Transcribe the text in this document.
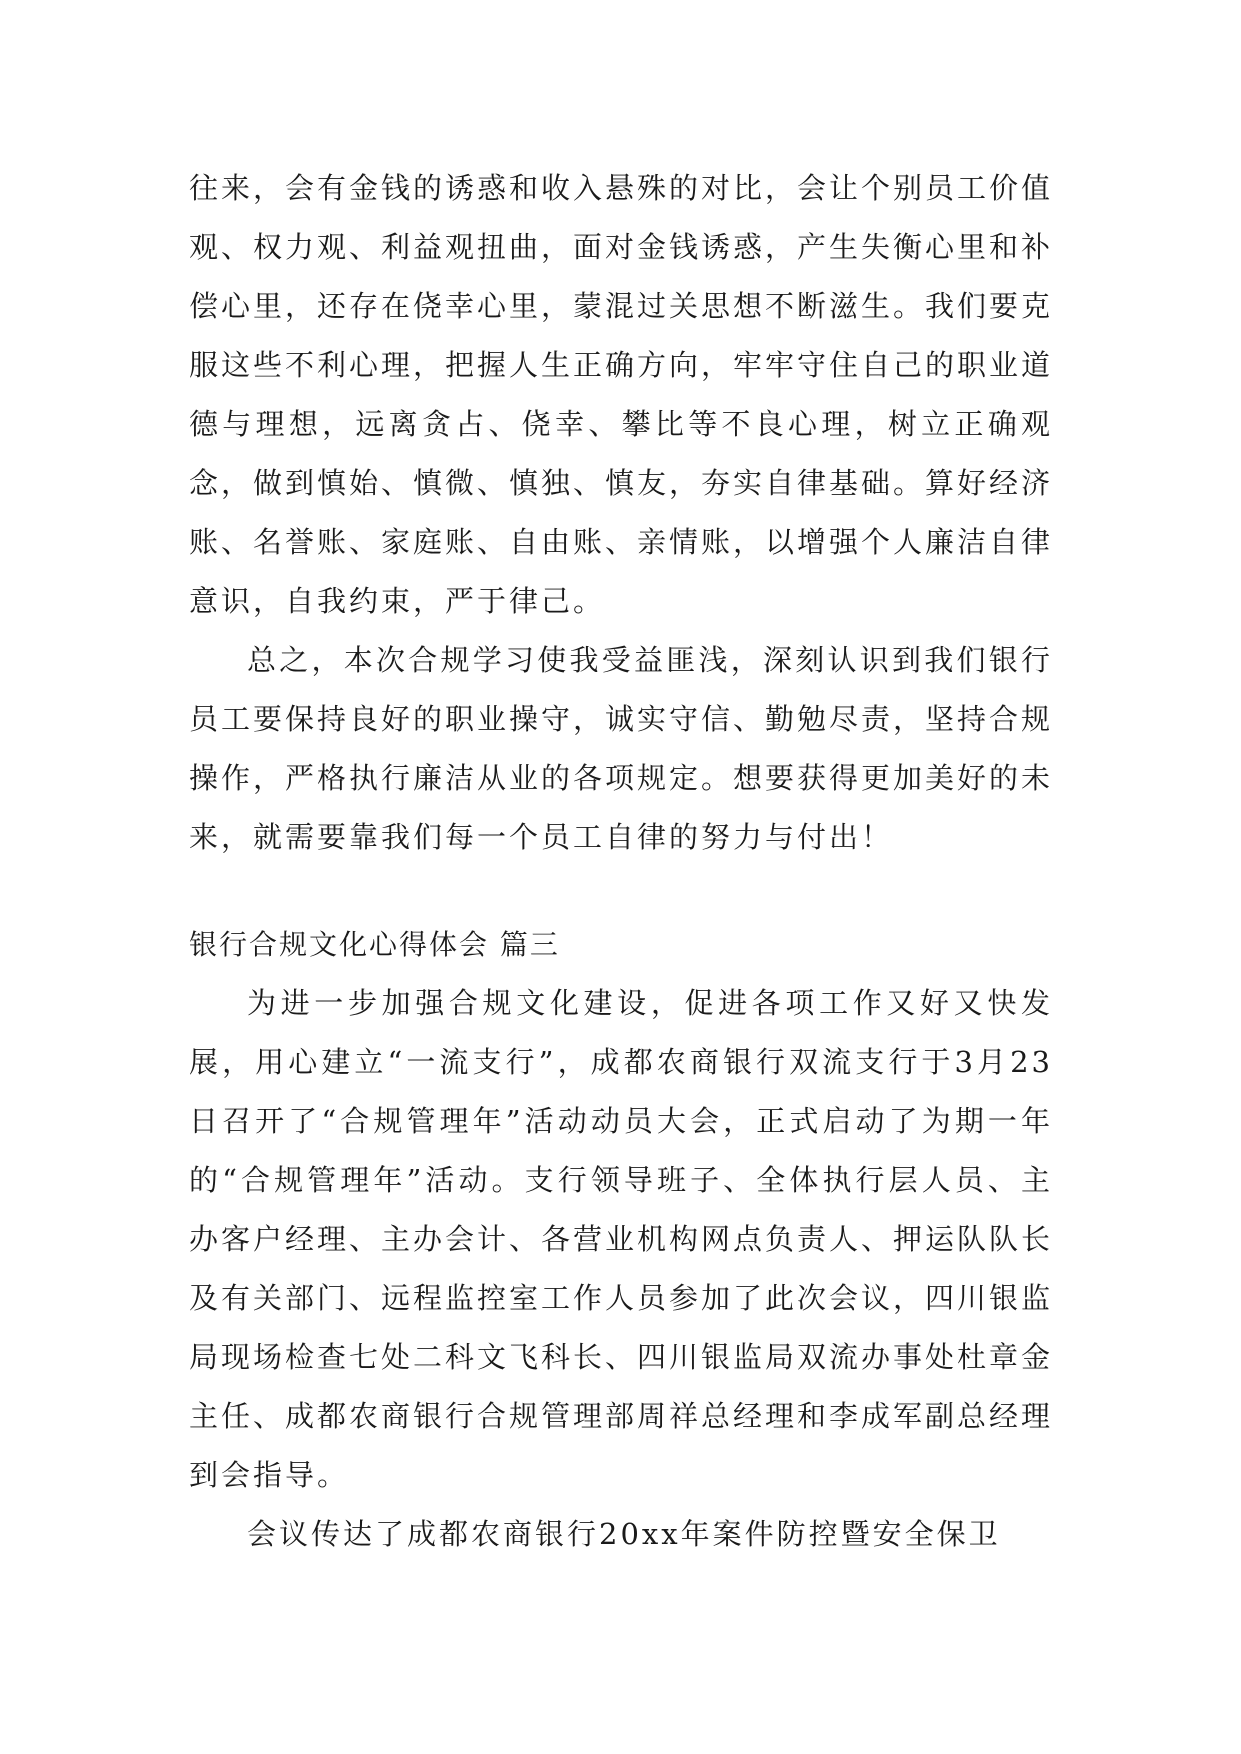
往来，会有金钱的诱惑和收入悬殊的对比，会让个别员工价值观、权力观、利益观扭曲，面对金钱诱惑，产生失衡心里和补偿心里，还存在侥幸心里，蒙混过关思想不断滋生。我们要克服这些不利心理，把握人生正确方向，牢牢守住自己的职业道德与理想，远离贪占、侥幸、攀比等不良心理，树立正确观念，做到慎始、慎微、慎独、慎友，夯实自律基础。算好经济账、名誉账、家庭账、自由账、亲情账，以增强个人廉洁自律意识，自我约束，严于律己。

总之，本次合规学习使我受益匪浅，深刻认识到我们银行员工要保持良好的职业操守，诚实守信、勤勉尽责，坚持合规操作，严格执行廉洁从业的各项规定。想要获得更加美好的未来，就需要靠我们每一个员工自律的努力与付出！

银行合规文化心得体会 篇三

为进一步加强合规文化建设，促进各项工作又好又快发展，用心建立“一流支行”，成都农商银行双流支行于3月23日召开了“合规管理年”活动动员大会，正式启动了为期一年的“合规管理年”活动。支行领导班子、全体执行层人员、主办客户经理、主办会计、各营业机构网点负责人、押运队队长及有关部门、远程监控室工作人员参加了此次会议，四川银监局现场检查七处二科文飞科长、四川银监局双流办事处杜章金主任、成都农商银行合规管理部周祥总经理和李成军副总经理到会指导。

会议传达了成都农商银行20xx年案件防控暨安全保卫
